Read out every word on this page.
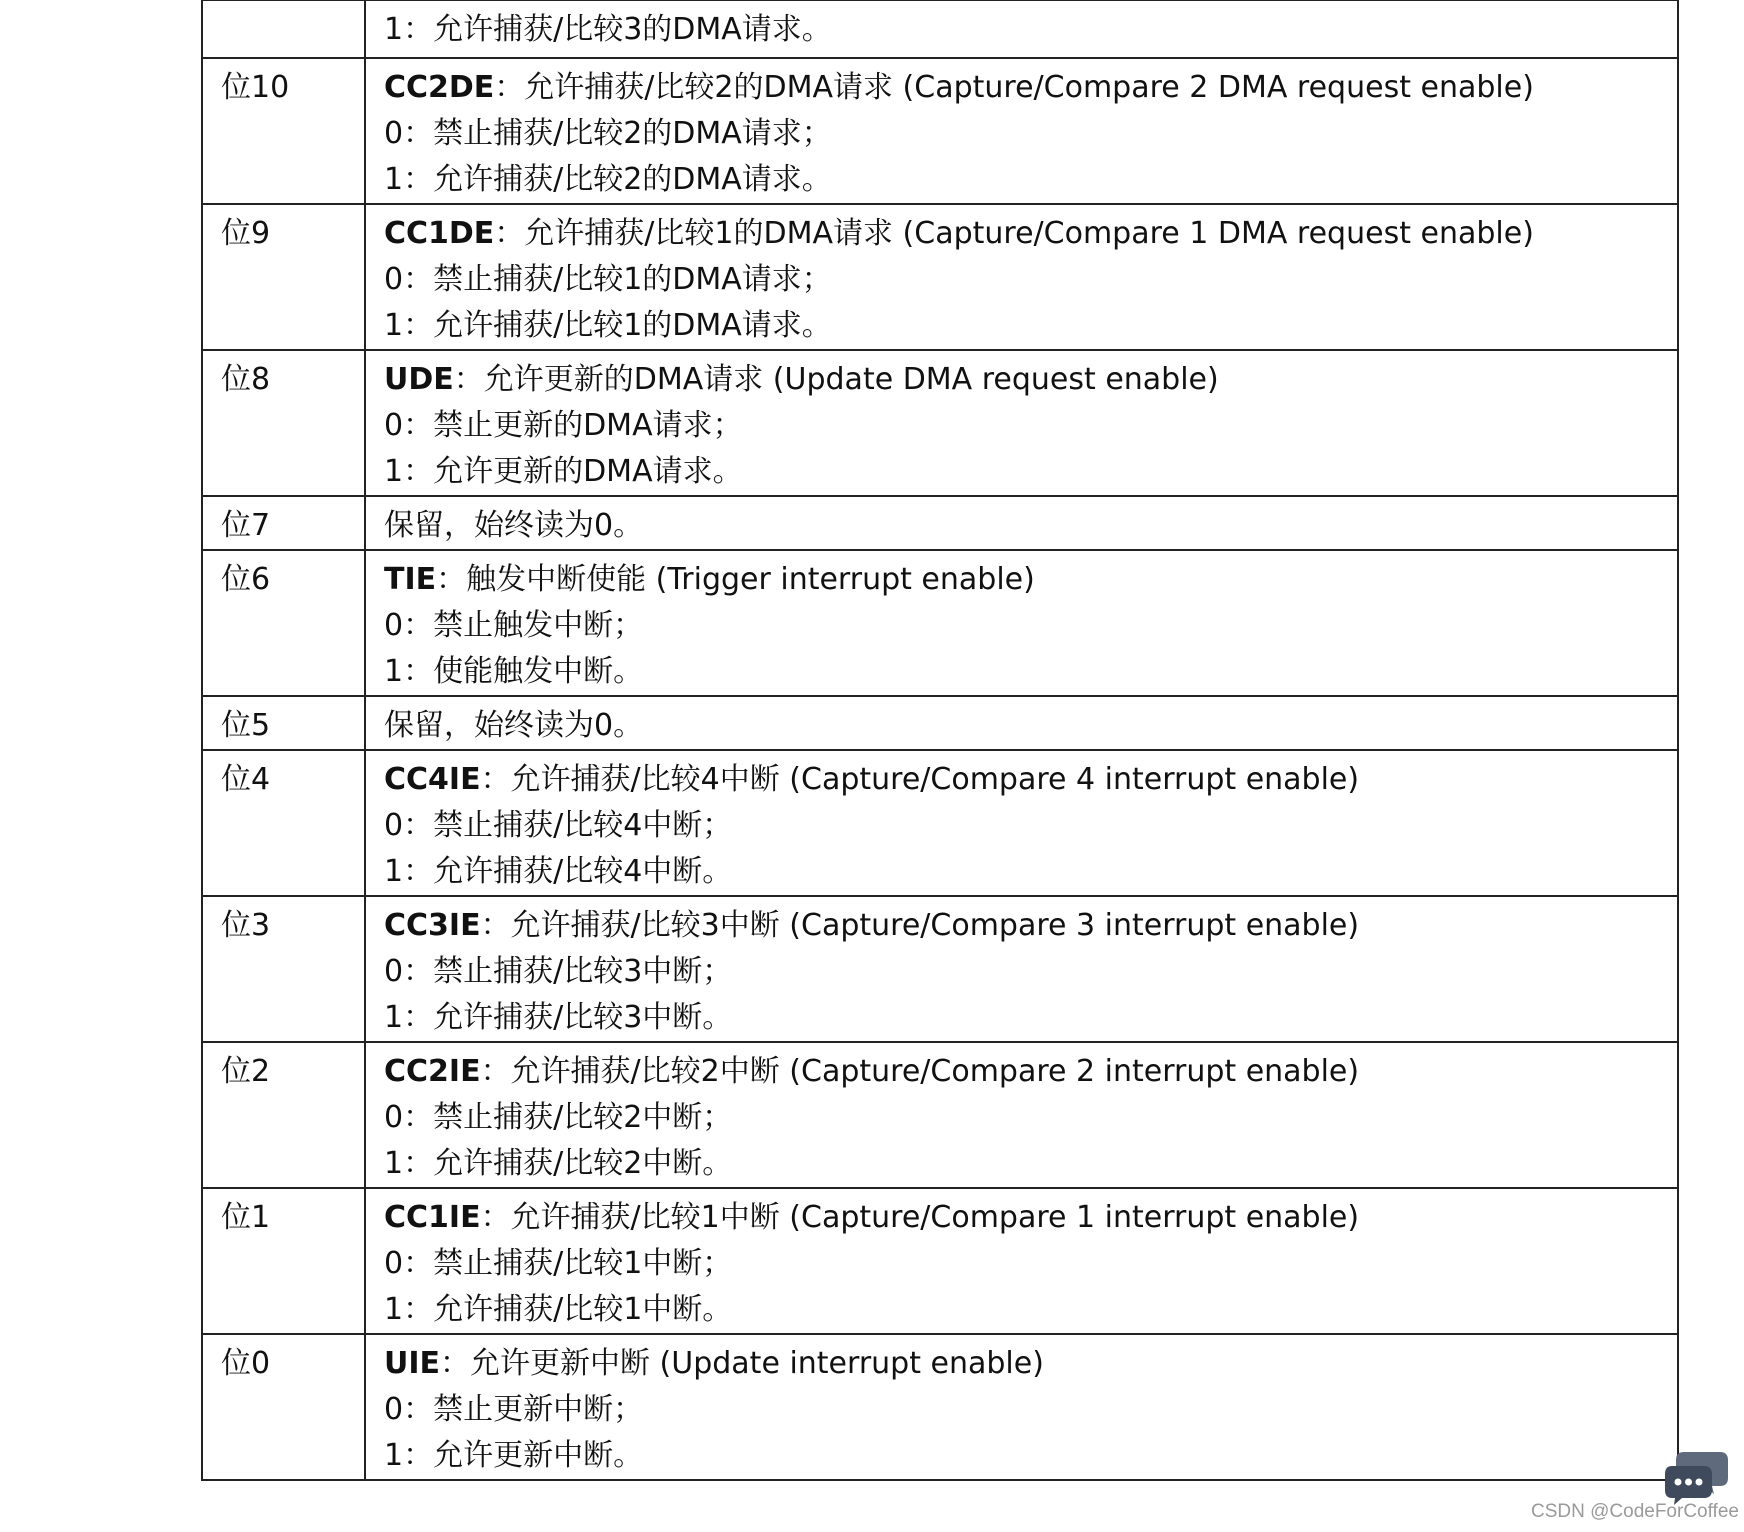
	1：允许捕获/比较3的DMA请求。

位10	CC2DE：允许捕获/比较2的DMA请求 (Capture/Compare 2 DMA request enable)
0：禁止捕获/比较2的DMA请求；
1：允许捕获/比较2的DMA请求。

位9	CC1DE：允许捕获/比较1的DMA请求 (Capture/Compare 1 DMA request enable)
0：禁止捕获/比较1的DMA请求；
1：允许捕获/比较1的DMA请求。

位8	UDE：允许更新的DMA请求 (Update DMA request enable)
0：禁止更新的DMA请求；
1：允许更新的DMA请求。

位7	保留，始终读为0。

位6	TIE：触发中断使能 (Trigger interrupt enable)
0：禁止触发中断；
1：使能触发中断。

位5	保留，始终读为0。

位4	CC4IE：允许捕获/比较4中断 (Capture/Compare 4 interrupt enable)
0：禁止捕获/比较4中断；
1：允许捕获/比较4中断。

位3	CC3IE：允许捕获/比较3中断 (Capture/Compare 3 interrupt enable)
0：禁止捕获/比较3中断；
1：允许捕获/比较3中断。

位2	CC2IE：允许捕获/比较2中断 (Capture/Compare 2 interrupt enable)
0：禁止捕获/比较2中断；
1：允许捕获/比较2中断。

位1	CC1IE：允许捕获/比较1中断 (Capture/Compare 1 interrupt enable)
0：禁止捕获/比较1中断；
1：允许捕获/比较1中断。

位0	UIE：允许更新中断 (Update interrupt enable)
0：禁止更新中断；
1：允许更新中断。
CSDN @CodeForCoffee
